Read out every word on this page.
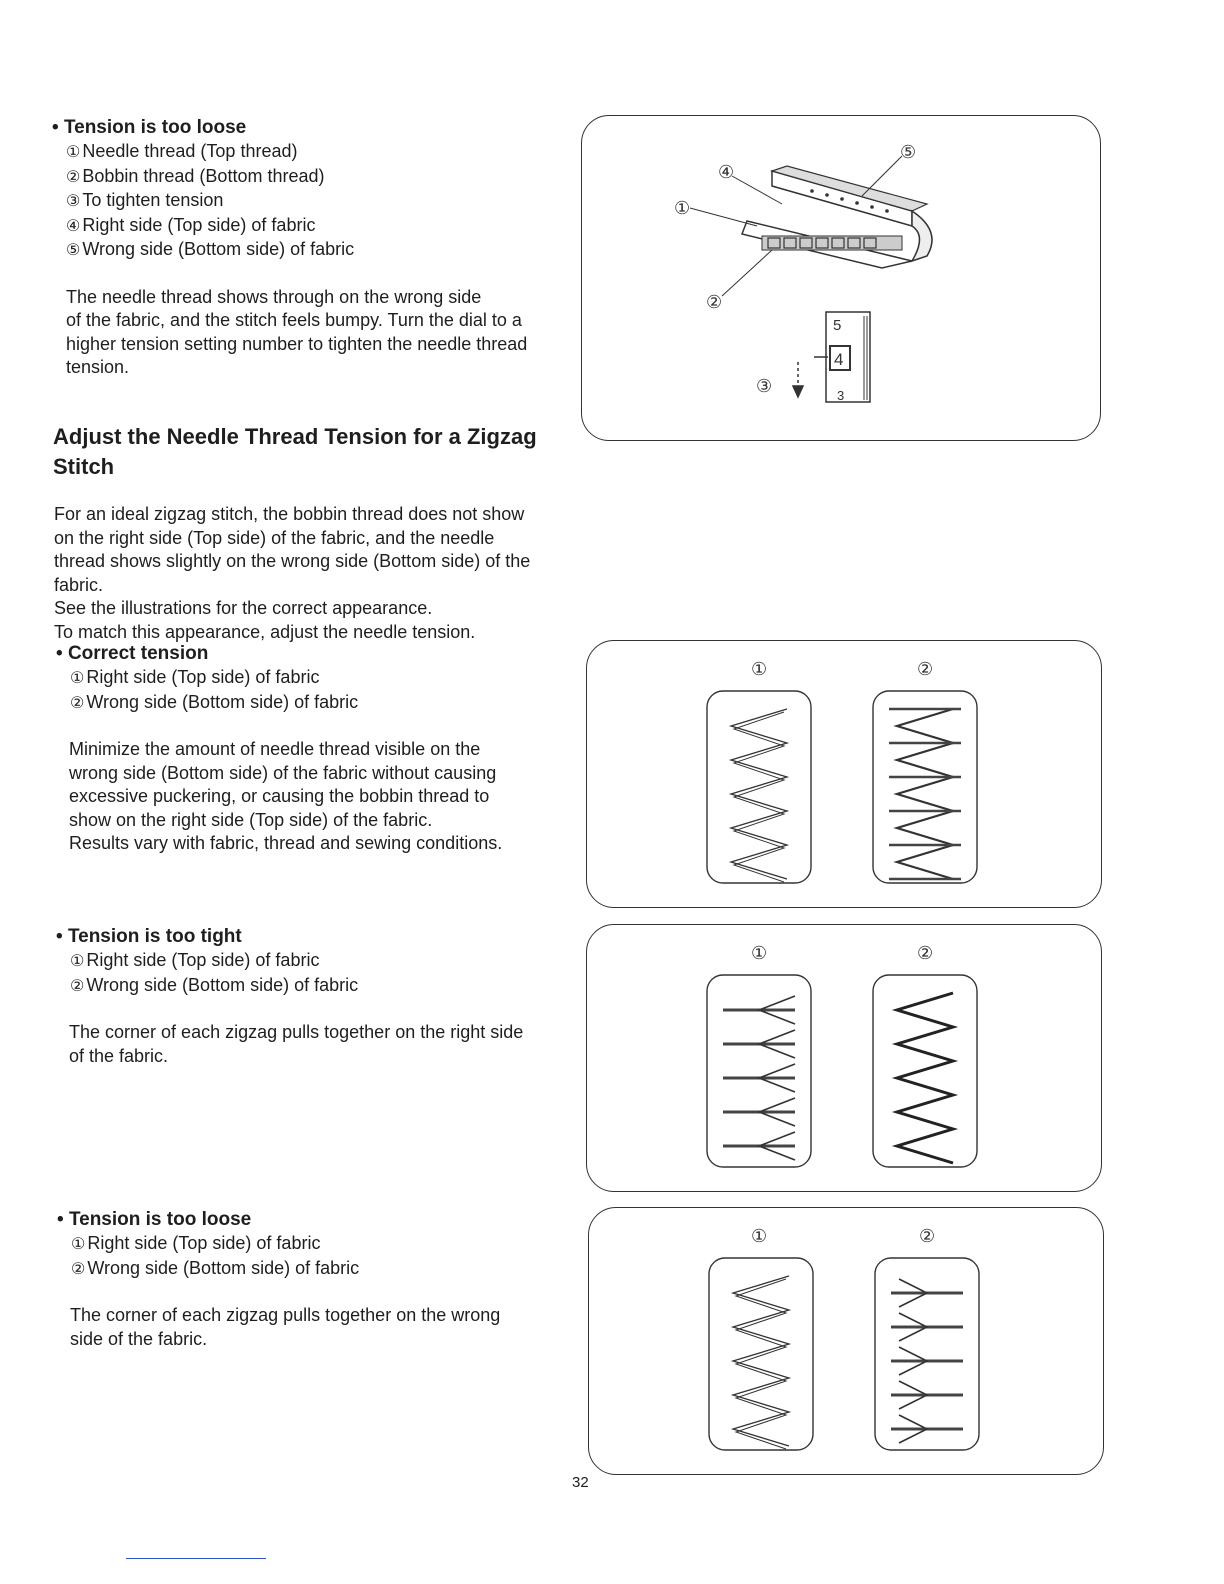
• Tension is too loose
① Needle thread (Top thread)
② Bobbin thread (Bottom thread)
③ To tighten tension
④ Right side (Top side) of fabric
⑤ Wrong side (Bottom side) of fabric
The needle thread shows through on the wrong side
of the fabric, and the stitch feels bumpy. Turn the dial to a
higher tension setting number to tighten the needle thread
tension.
Adjust the Needle Thread Tension for a Zigzag
Stitch
For an ideal zigzag stitch, the bobbin thread does not show
on the right side (Top side) of the fabric, and the needle
thread shows slightly on the wrong side (Bottom side) of the
fabric.
See the illustrations for the correct appearance.
To match this appearance, adjust the needle tension.
• Correct tension
① Right side (Top side) of fabric
② Wrong side (Bottom side) of fabric
Minimize the amount of needle thread visible on the
wrong side (Bottom side) of the fabric without causing
excessive puckering, or causing the bobbin thread to
show on the right side (Top side) of the fabric.
Results vary with fabric, thread and sewing conditions.
• Tension is too tight
① Right side (Top side) of fabric
② Wrong side (Bottom side) of fabric
The corner of each zigzag pulls together on the right side
of the fabric.
• Tension is too loose
① Right side (Top side) of fabric
② Wrong side (Bottom side) of fabric
The corner of each zigzag pulls together on the wrong
side of the fabric.
①
②
③
④
⑤
5
4
3
①	②
①	②
①	②
32
